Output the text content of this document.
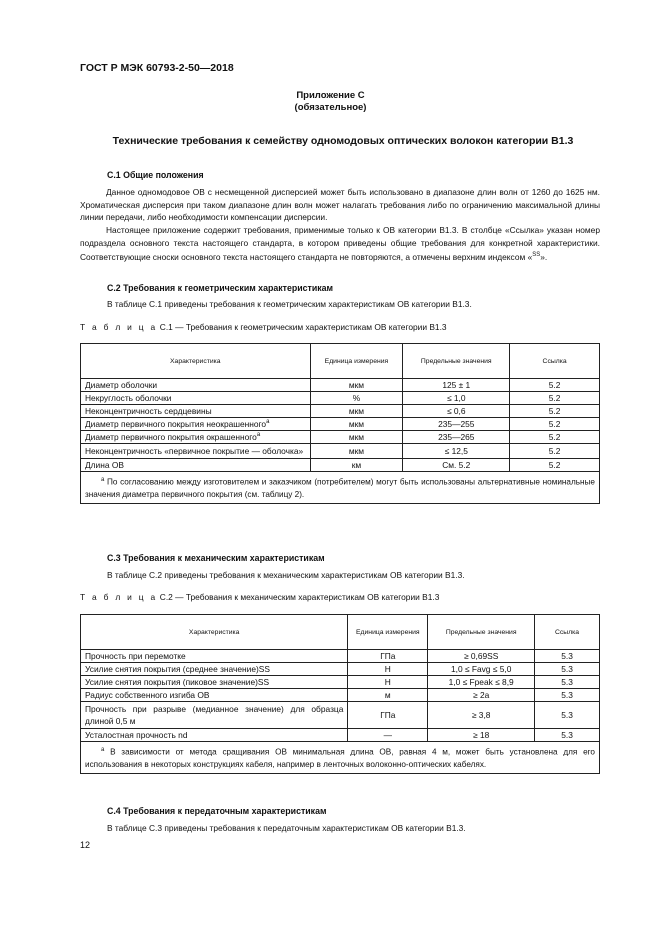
ГОСТ Р МЭК 60793-2-50—2018
Приложение С
(обязательное)
Технические требования к семейству одномодовых оптических волокон категории В1.3
С.1 Общие положения
Данное одномодовое ОВ с несмещенной дисперсией может быть использовано в диапазоне длин волн от 1260 до 1625 нм. Хроматическая дисперсия при таком диапазоне длин волн может налагать требования либо по ограничению максимальной длины линии передачи, либо необходимости компенсации дисперсии.
Настоящее приложение содержит требования, применимые только к ОВ категории В1.3. В столбце «Ссылка» указан номер подраздела основного текста настоящего стандарта, в котором приведены общие требования для конкретной характеристики. Соответствующие сноски основного текста настоящего стандарта не повторяются, а отмечены верхним индексом «$^{SS}$».
С.2 Требования к геометрическим характеристикам
В таблице С.1 приведены требования к геометрическим характеристикам ОВ категории В1.3.
Т а б л и ц а С.1 — Требования к геометрическим характеристикам ОВ категории В1.3
Характеристика	Единица измерения	Предельные значения	Ссылка
Диаметр оболочки	мкм	125 ± 1	5.2
Некруглость оболочки	%	≤ 1,0	5.2
Неконцентричность сердцевины	мкм	≤ 0,6	5.2
Диаметр первичного покрытия неокрашенного$^a$	мкм	235—255	5.2
Диаметр первичного покрытия окрашенного$^a$	мкм	235—265	5.2
Неконцентричность «первичное покрытие — оболочка»	мкм	≤ 12,5	5.2
Длина ОВ	км	См. 5.2	5.2
$^a$ По согласованию между изготовителем и заказчиком (потребителем) могут быть использованы альтернативные номинальные значения диаметра первичного покрытия (см. таблицу 2).			
С.3 Требования к механическим характеристикам
В таблице С.2 приведены требования к механическим характеристикам ОВ категории В1.3.
Т а б л и ц а С.2 — Требования к механическим характеристикам ОВ категории В1.3
Характеристика	Единица измерения	Предельные значения	Ссылка
Прочность при перемотке	ГПа	≥ 0,69SS	5.3
Усилие снятия покрытия (среднее значение)SS	Н	1,0 ≤ Favg ≤ 5,0	5.3
Усилие снятия покрытия (пиковое значение)SS	Н	1,0 ≤ Fpeak ≤ 8,9	5.3
Радиус собственного изгиба ОВ	м	≥ 2a	5.3
Прочность при разрыве (медианное значение) для образца длиной 0,5 м	ГПа	≥ 3,8	5.3
Усталостная прочность nd	—	≥ 18	5.3
$^a$ В зависимости от метода сращивания ОВ минимальная длина ОВ, равная 4 м, может быть установлена для его использования в некоторых конструкциях кабеля, например в ленточных волоконно-оптических кабелях.			
С.4 Требования к передаточным характеристикам
В таблице С.3 приведены требования к передаточным характеристикам ОВ категории В1.3.
12
